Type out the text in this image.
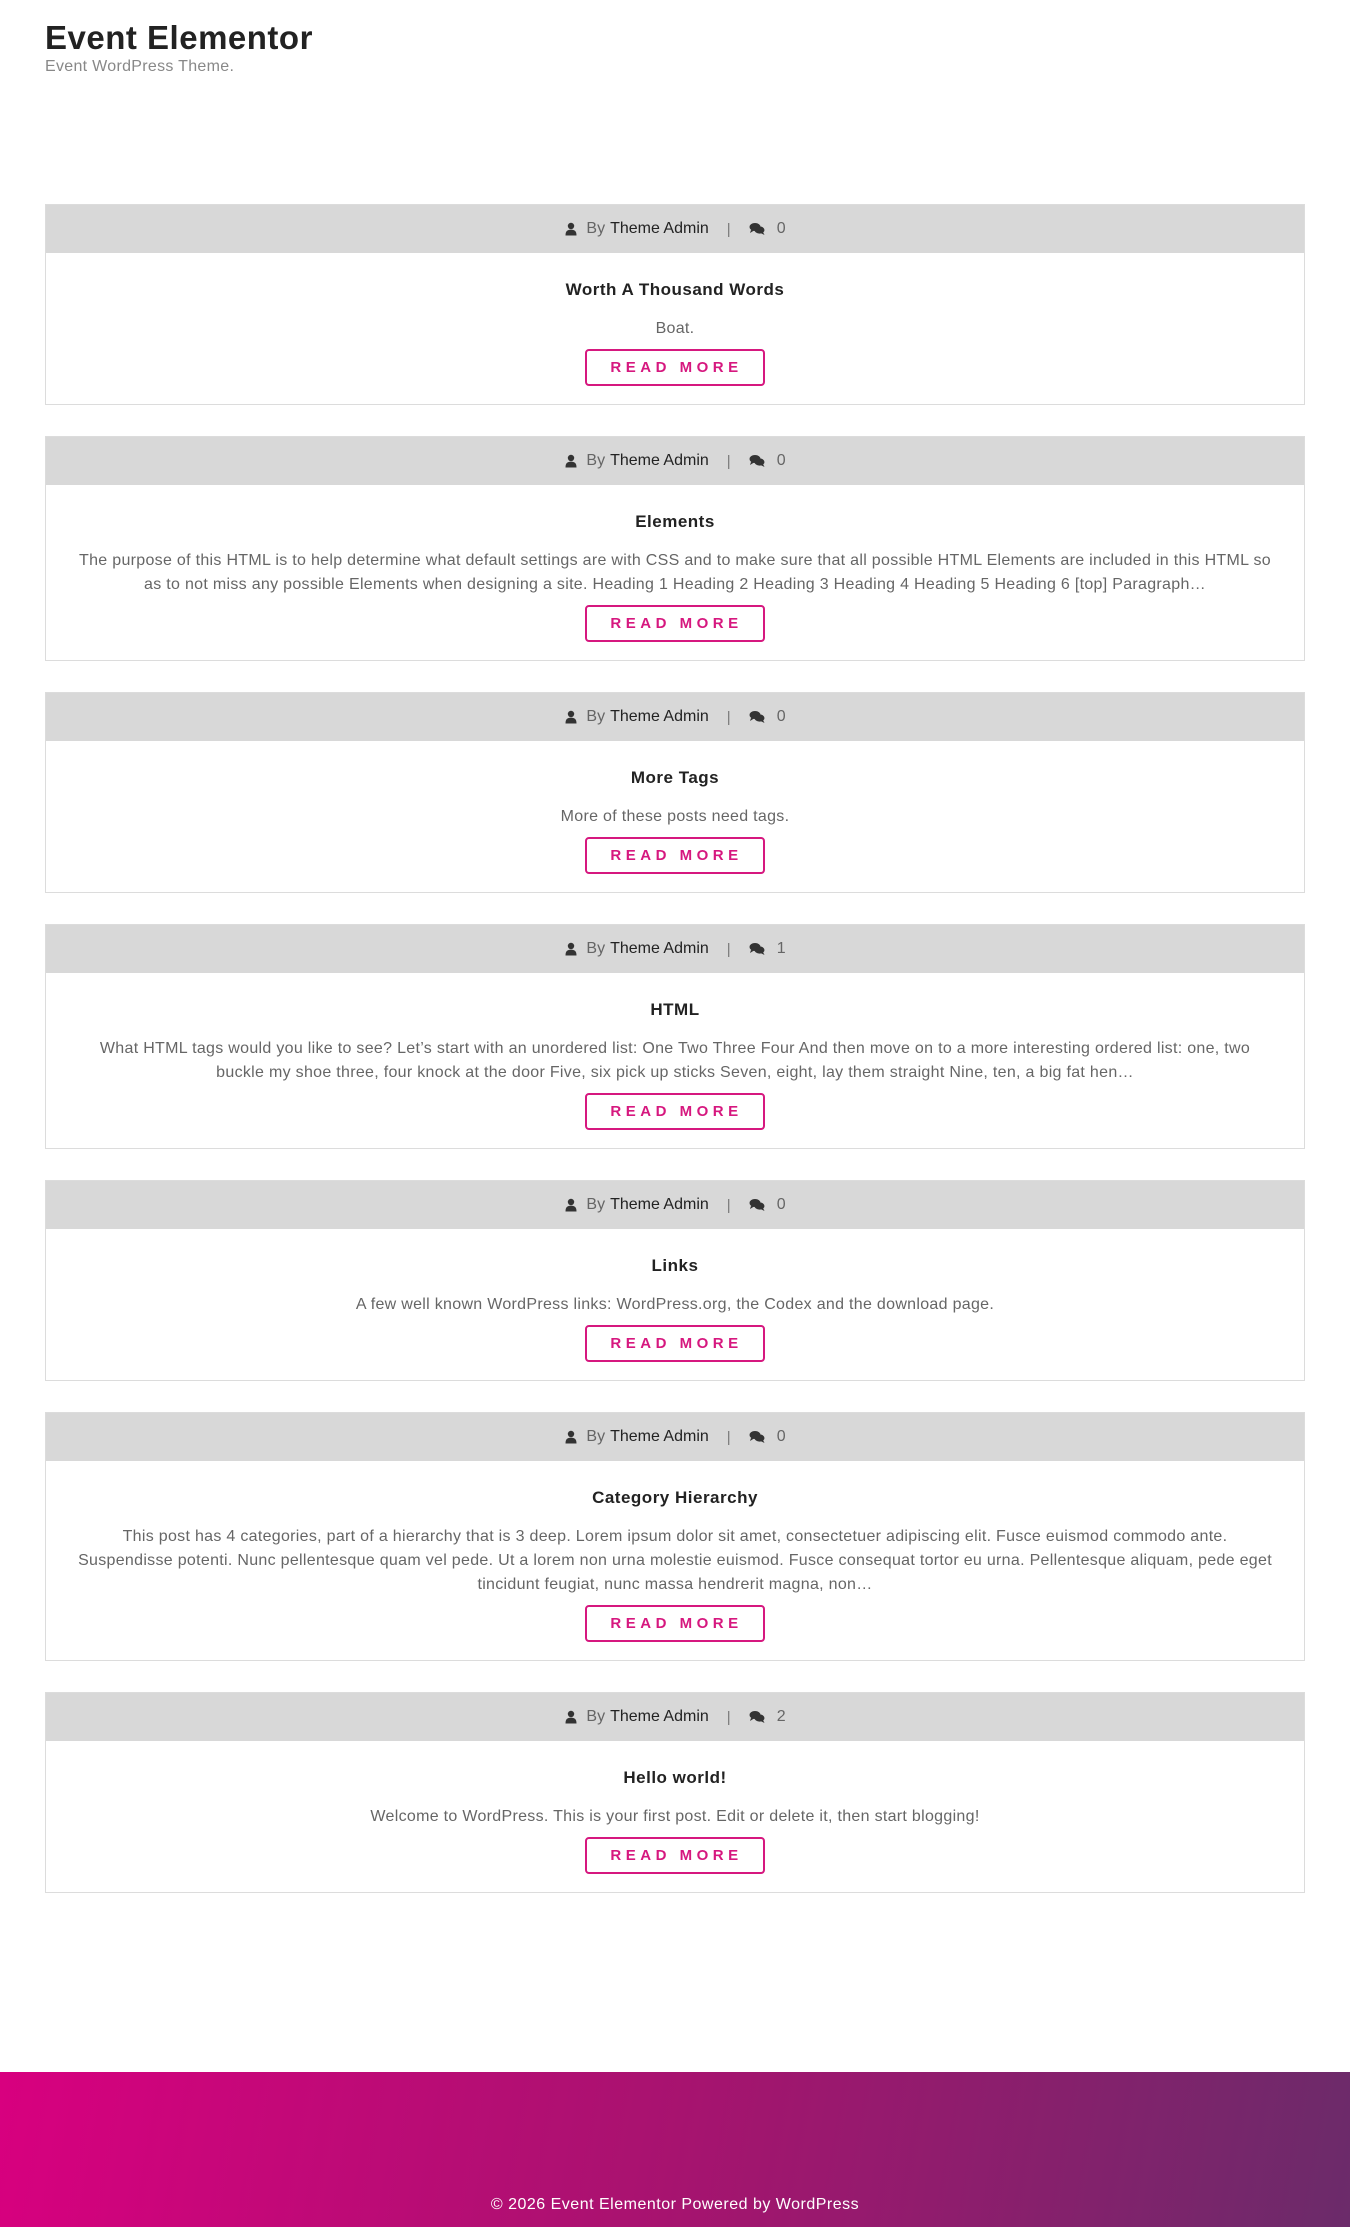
Event Elementor
Event WordPress Theme.
By Theme Admin |	0
Worth A Thousand Words

Boat.

READ MORE
By Theme Admin |	0
Elements

The purpose of this HTML is to help determine what default settings are with CSS and to make sure that all possible HTML Elements are included in this HTML so as to not miss any possible Elements when designing a site. Heading 1 Heading 2 Heading 3 Heading 4 Heading 5 Heading 6 [top] Paragraph…

READ MORE
By Theme Admin |	0
More Tags

More of these posts need tags.

READ MORE
By Theme Admin |	1
HTML

What HTML tags would you like to see? Let’s start with an unordered list: One Two Three Four And then move on to a more interesting ordered list: one, two buckle my shoe three, four knock at the door Five, six pick up sticks Seven, eight, lay them straight Nine, ten, a big fat hen…

READ MORE
By Theme Admin |	0
Links

A few well known WordPress links: WordPress.org, the Codex and the download page.

READ MORE
By Theme Admin |	0
Category Hierarchy

This post has 4 categories, part of a hierarchy that is 3 deep. Lorem ipsum dolor sit amet, consectetuer adipiscing elit. Fusce euismod commodo ante. Suspendisse potenti. Nunc pellentesque quam vel pede. Ut a lorem non urna molestie euismod. Fusce consequat tortor eu urna. Pellentesque aliquam, pede eget tincidunt feugiat, nunc massa hendrerit magna, non…

READ MORE
By Theme Admin |	2
Hello world!

Welcome to WordPress. This is your first post. Edit or delete it, then start blogging!

READ MORE
© 2026 Event Elementor Powered by WordPress
